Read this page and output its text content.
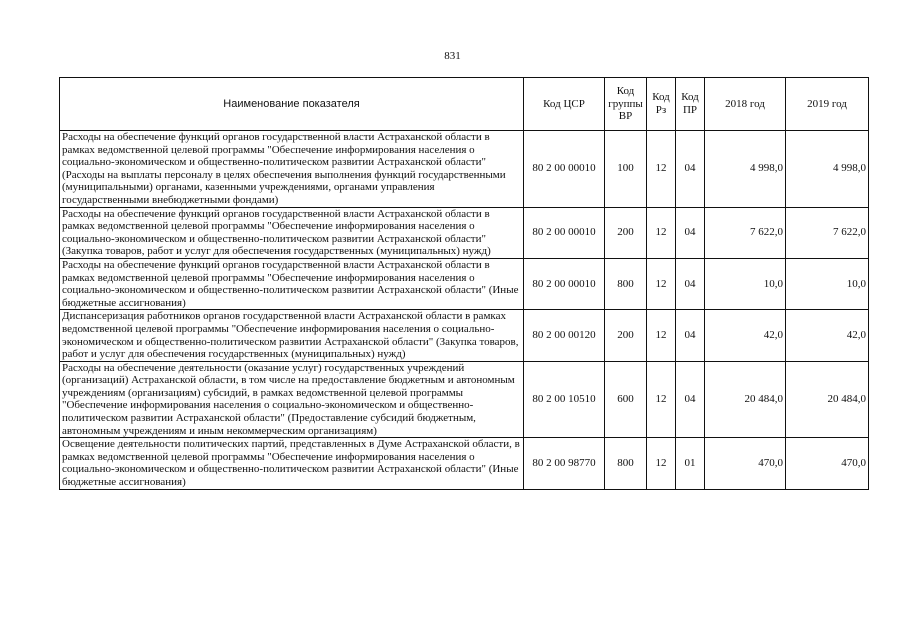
831
Наименование показателя	Код ЦСР	Код группы ВР	Код Рз	Код ПР	2018 год	2019 год
Расходы на обеспечение функций органов государственной власти Астраханской области в рамках ведомственной целевой программы "Обеспечение информирования населения о социально-экономическом и общественно-политическом развитии Астраханской области" (Расходы на выплаты персоналу в целях обеспечения выполнения функций государственными (муниципальными) органами, казенными учреждениями, органами управления государственными внебюджетными фондами)	80 2 00 00010	100	12	04	4 998,0	4 998,0
Расходы на обеспечение функций органов государственной власти Астраханской области в рамках ведомственной целевой программы "Обеспечение информирования населения о социально-экономическом и общественно-политическом развитии Астраханской области" (Закупка товаров, работ и услуг для обеспечения государственных (муниципальных) нужд)	80 2 00 00010	200	12	04	7 622,0	7 622,0
Расходы на обеспечение функций органов государственной власти Астраханской области в рамках ведомственной целевой программы "Обеспечение информирования населения о социально-экономическом и общественно-политическом развитии Астраханской области" (Иные бюджетные ассигнования)	80 2 00 00010	800	12	04	10,0	10,0
Диспансеризация работников органов государственной власти Астраханской области в рамках ведомственной целевой программы "Обеспечение информирования населения о социально-экономическом и общественно-политическом развитии Астраханской области" (Закупка товаров, работ и услуг для обеспечения государственных (муниципальных) нужд)	80 2 00 00120	200	12	04	42,0	42,0
Расходы на обеспечение деятельности (оказание услуг) государственных учреждений (организаций) Астраханской области, в том числе на предоставление бюджетным и автономным учреждениям (организациям) субсидий, в рамках ведомственной целевой программы "Обеспечение информирования населения о социально-экономическом и общественно-политическом развитии Астраханской области" (Предоставление субсидий бюджетным, автономным учреждениям и иным некоммерческим организациям)	80 2 00 10510	600	12	04	20 484,0	20 484,0
Освещение деятельности политических партий, представленных в Думе Астраханской области, в рамках ведомственной целевой программы "Обеспечение информирования населения о социально-экономическом и общественно-политическом развитии Астраханской области" (Иные бюджетные ассигнования)	80 2 00 98770	800	12	01	470,0	470,0
